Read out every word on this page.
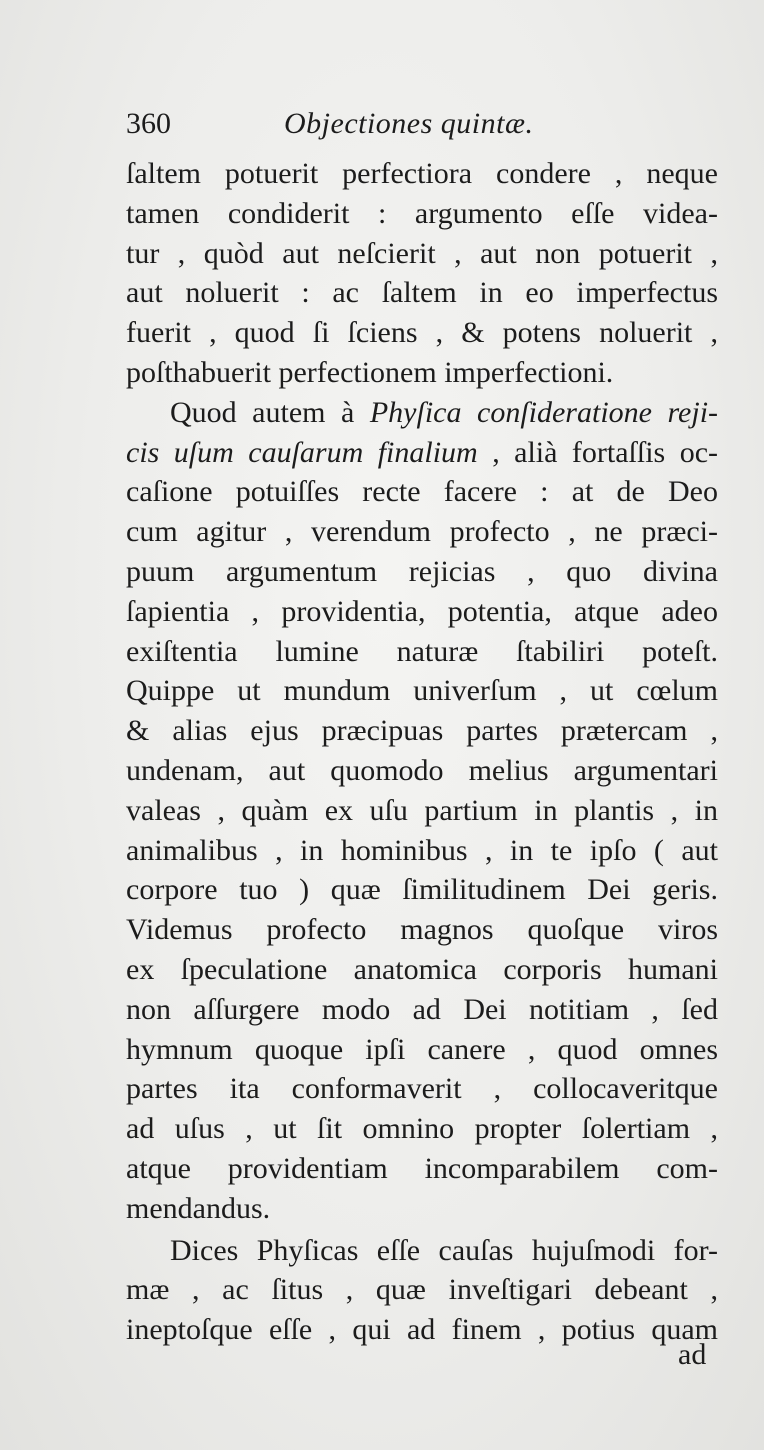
360	Objectiones quintæ.
ſaltem potuerit perfectiora condere , neque
tamen condiderit : argumento eſſe videa-
tur , quòd aut neſcierit , aut non potuerit ,
aut noluerit : ac ſaltem in eo imperfectus
fuerit , quod ſi ſciens , & potens noluerit ,
poſthabuerit perfectionem imperfectioni.
Quod autem à Phyſica conſideratione reji-
cis uſum cauſarum finalium , alià fortaſſis oc-
caſione potuiſſes recte facere : at de Deo
cum agitur , verendum profecto , ne præci-
puum argumentum rejicias , quo divina
ſapientia , providentia, potentia, atque adeo
exiſtentia lumine naturæ ſtabiliri poteſt.
Quippe ut mundum univerſum , ut cœlum
& alias ejus præcipuas partes prætercam ,
undenam, aut quomodo melius argumentari
valeas , quàm ex uſu partium in plantis , in
animalibus , in hominibus , in te ipſo ( aut
corpore tuo ) quæ ſimilitudinem Dei geris.
Videmus profecto magnos quoſque viros
ex ſpeculatione anatomica corporis humani
non aſſurgere modo ad Dei notitiam , ſed
hymnum quoque ipſi canere , quod omnes
partes ita conformaverit , collocaveritque
ad uſus , ut ſit omnino propter ſolertiam ,
atque providentiam incomparabilem com-
mendandus.
Dices Phyſicas eſſe cauſas hujuſmodi for-
mæ , ac ſitus , quæ inveſtigari debeant ,
ineptoſque eſſe , qui ad finem , potius quam
ad
